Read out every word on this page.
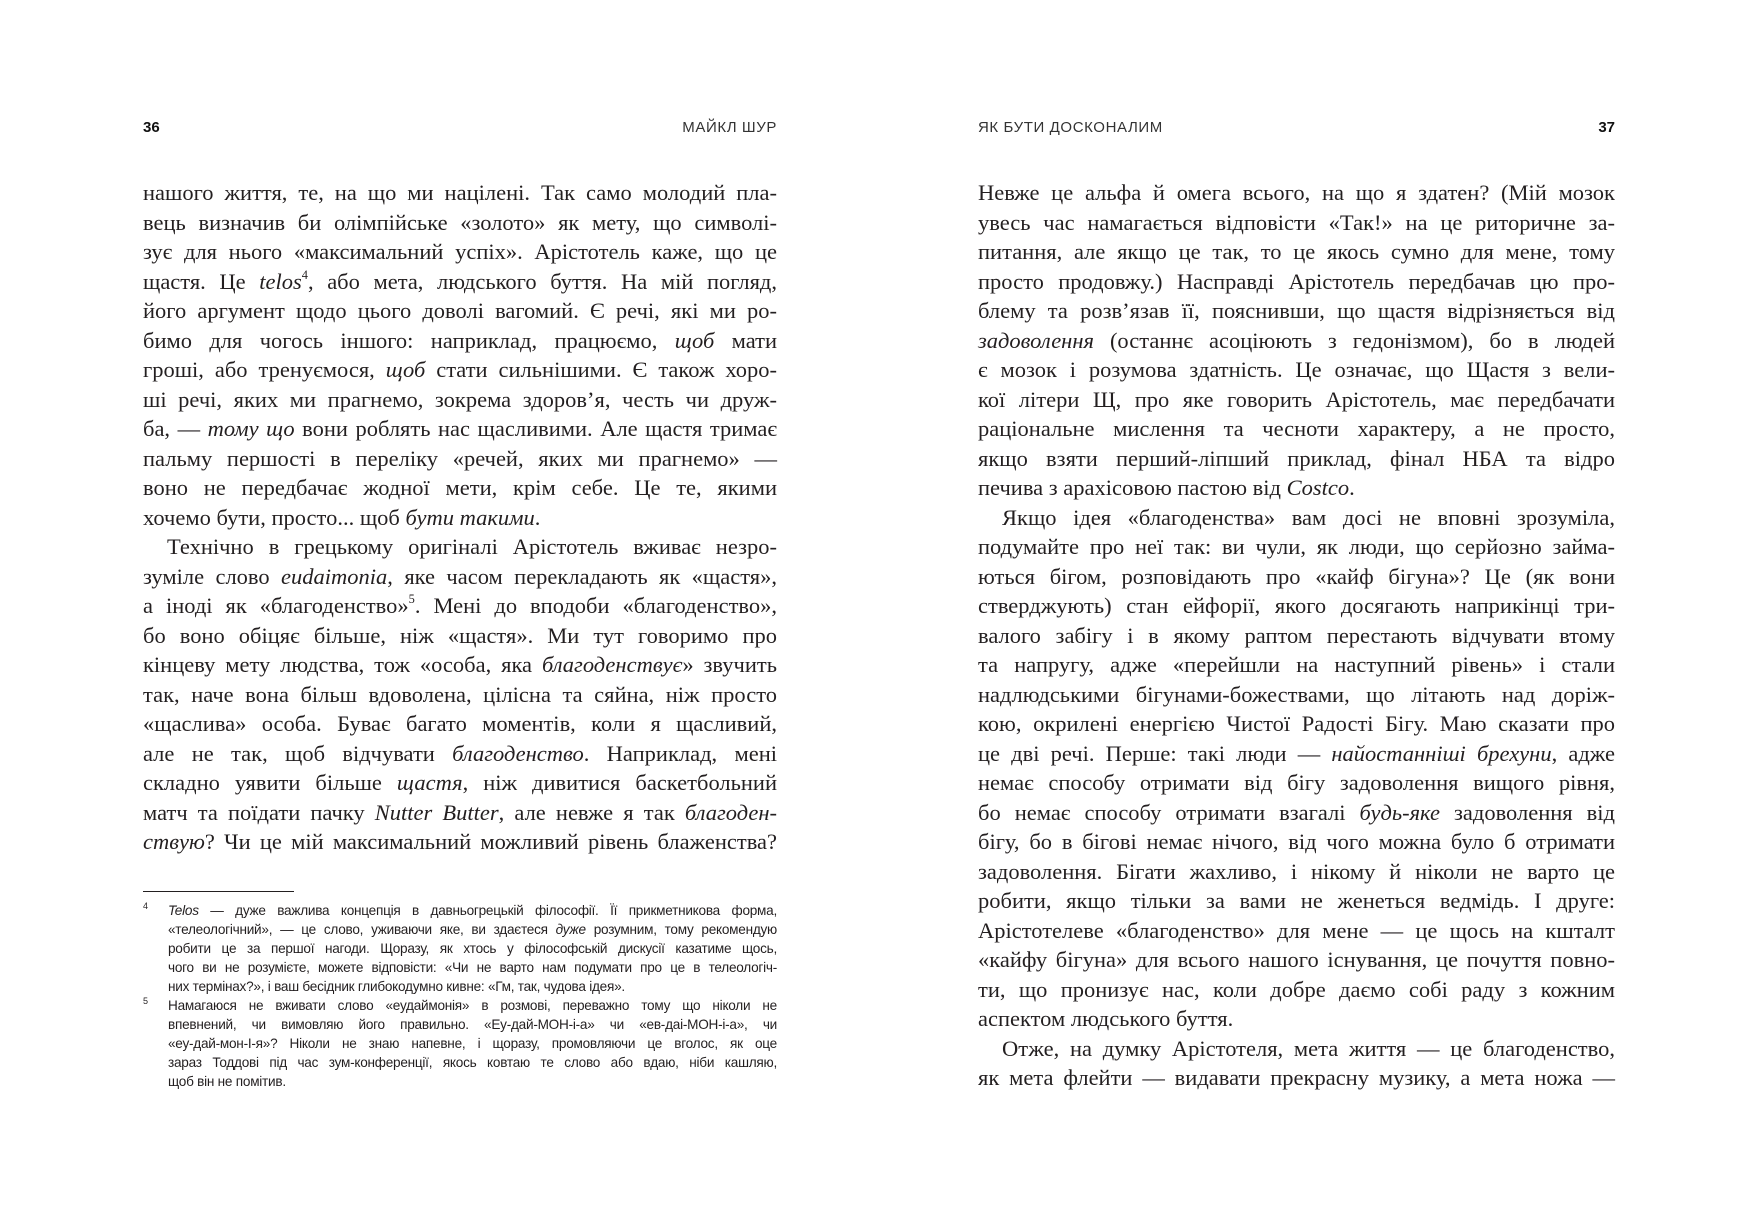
36	МАЙКЛ ШУР
нашого життя, те, на що ми націлені. Так само молодий пла-
вець визначив би олімпійське «золото» як мету, що символі-
зує для нього «максимальний успіх». Арістотель каже, що це
щастя. Це telos$^4$, або мета, людського буття. На мій погляд,
його аргумент щодо цього доволі вагомий. Є речі, які ми ро-
бимо для чогось іншого: наприклад, працюємо, щоб мати
гроші, або тренуємося, щоб стати сильнішими. Є також хоро-
ші речі, яких ми прагнемо, зокрема здоров’я, честь чи друж-
ба, — тому що вони роблять нас щасливими. Але щастя тримає
пальму першості в переліку «речей, яких ми прагнемо» —
воно не передбачає жодної мети, крім себе. Це те, якими
хочемо бути, просто... щоб бути такими.
Технічно в грецькому оригіналі Арістотель вживає незро-
зуміле слово eudaimonia, яке часом перекладають як «щастя»,
а іноді як «благоденство»$^5$. Мені до вподоби «благоденство»,
бо воно обіцяє більше, ніж «щастя». Ми тут говоримо про
кінцеву мету людства, тож «особа, яка благоденствує» звучить
так, наче вона більш вдоволена, цілісна та сяйна, ніж просто
«щаслива» особа. Буває багато моментів, коли я щасливий,
але не так, щоб відчувати благоденство. Наприклад, мені
складно уявити більше щастя, ніж дивитися баскетбольний
матч та поїдати пачку Nutter Butter, але невже я так благоден-
ствую? Чи це мій максимальний можливий рівень блаженства?
4 Telos — дуже важлива концепція в давньогрецькій філософії. Її прикметникова форма,
«телеологічний», — це слово, уживаючи яке, ви здаєтеся дуже розумним, тому рекомендую
робити це за першої нагоди. Щоразу, як хтось у філософській дискусії казатиме щось,
чого ви не розумієте, можете відповісти: «Чи не варто нам подумати про це в телеологіч-
них термінах?», і ваш бесідник глибокодумно кивне: «Гм, так, чудова ідея».
5 Намагаюся не вживати слово «еудаймонія» в розмові, переважно тому що ніколи не
впевнений, чи вимовляю його правильно. «Еу-дай-МОН-і-а» чи «ев-даі-МОН-і-а», чи
«еу-дай-мон-І-я»? Ніколи не знаю напевне, і щоразу, промовляючи це вголос, як оце
зараз Тоддові під час зум-конференції, якось ковтаю те слово або вдаю, ніби кашляю,
щоб він не помітив.
ЯК БУТИ ДОСКОНАЛИМ	37
Невже це альфа й омега всього, на що я здатен? (Мій мозок
увесь час намагається відповісти «Так!» на це риторичне за-
питання, але якщо це так, то це якось сумно для мене, тому
просто продовжу.) Насправді Арістотель передбачав цю про-
блему та розв’язав її, пояснивши, що щастя відрізняється від
задоволення (останнє асоціюють з гедонізмом), бо в людей
є мозок і розумова здатність. Це означає, що Щастя з вели-
кої літери Щ, про яке говорить Арістотель, має передбачати
раціональне мислення та чесноти характеру, а не просто,
якщо взяти перший-ліпший приклад, фінал НБА та відро
печива з арахісовою пастою від Costco.
Якщо ідея «благоденства» вам досі не вповні зрозуміла,
подумайте про неї так: ви чули, як люди, що серйозно займа-
ються бігом, розповідають про «кайф бігуна»? Це (як вони
стверджують) стан ейфорії, якого досягають наприкінці три-
валого забігу і в якому раптом перестають відчувати втому
та напругу, адже «перейшли на наступний рівень» і стали
надлюдськими бігунами-божествами, що літають над доріж-
кою, окрилені енергією Чистої Радості Бігу. Маю сказати про
це дві речі. Перше: такі люди — найостанніші брехуни, адже
немає способу отримати від бігу задоволення вищого рівня,
бо немає способу отримати взагалі будь-яке задоволення від
бігу, бо в бігові немає нічого, від чого можна було б отримати
задоволення. Бігати жахливо, і нікому й ніколи не варто це
робити, якщо тільки за вами не женеться ведмідь. І друге:
Арістотелеве «благоденство» для мене — це щось на кшталт
«кайфу бігуна» для всього нашого існування, це почуття повно-
ти, що пронизує нас, коли добре даємо собі раду з кожним
аспектом людського буття.
Отже, на думку Арістотеля, мета життя — це благоденство,
як мета флейти — видавати прекрасну музику, а мета ножа —
